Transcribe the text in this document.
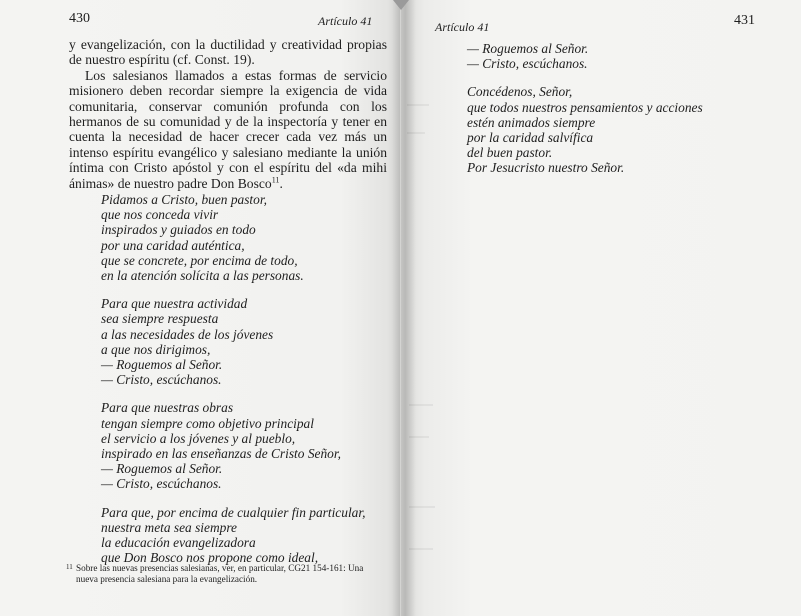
430	Artículo 41

y evangelización, con la ductilidad y creatividad propias de nuestro espíritu (cf. Const. 19).

Los salesianos llamados a estas formas de servicio misionero deben recordar siempre la exigencia de vida comunitaria, conservar comunión profunda con los hermanos de su comunidad y de la inspectoría y tener en cuenta la necesidad de hacer crecer cada vez más un intenso espíritu evangélico y salesiano mediante la unión íntima con Cristo apóstol y con el espíritu del «da mihi ánimas» de nuestro padre Don Bosco$^{11}$.

Pidamos a Cristo, buen pastor,
que nos conceda vivir
inspirados y guiados en todo
por una caridad auténtica,
que se concrete, por encima de todo,
en la atención solícita a las personas.
Para que nuestra actividad
sea siempre respuesta
a las necesidades de los jóvenes
a que nos dirigimos,
— Roguemos al Señor.
— Cristo, escúchanos.
Para que nuestras obras
tengan siempre como objetivo principal
el servicio a los jóvenes y al pueblo,
inspirado en las enseñanzas de Cristo Señor,
— Roguemos al Señor.
— Cristo, escúchanos.
Para que, por encima de cualquier fin particular,
nuestra meta sea siempre
la educación evangelizadora
que Don Bosco nos propone como ideal,
11 Sobre las nuevas presencias salesianas, ver, en particular, CG21 154-161: Una nueva presencia salesiana para la evangelización.
Artículo 41	431
— Roguemos al Señor.
— Cristo, escúchanos.
Concédenos, Señor,
que todos nuestros pensamientos y acciones
estén animados siempre
por la caridad salvífica
del buen pastor.
Por Jesucristo nuestro Señor.
